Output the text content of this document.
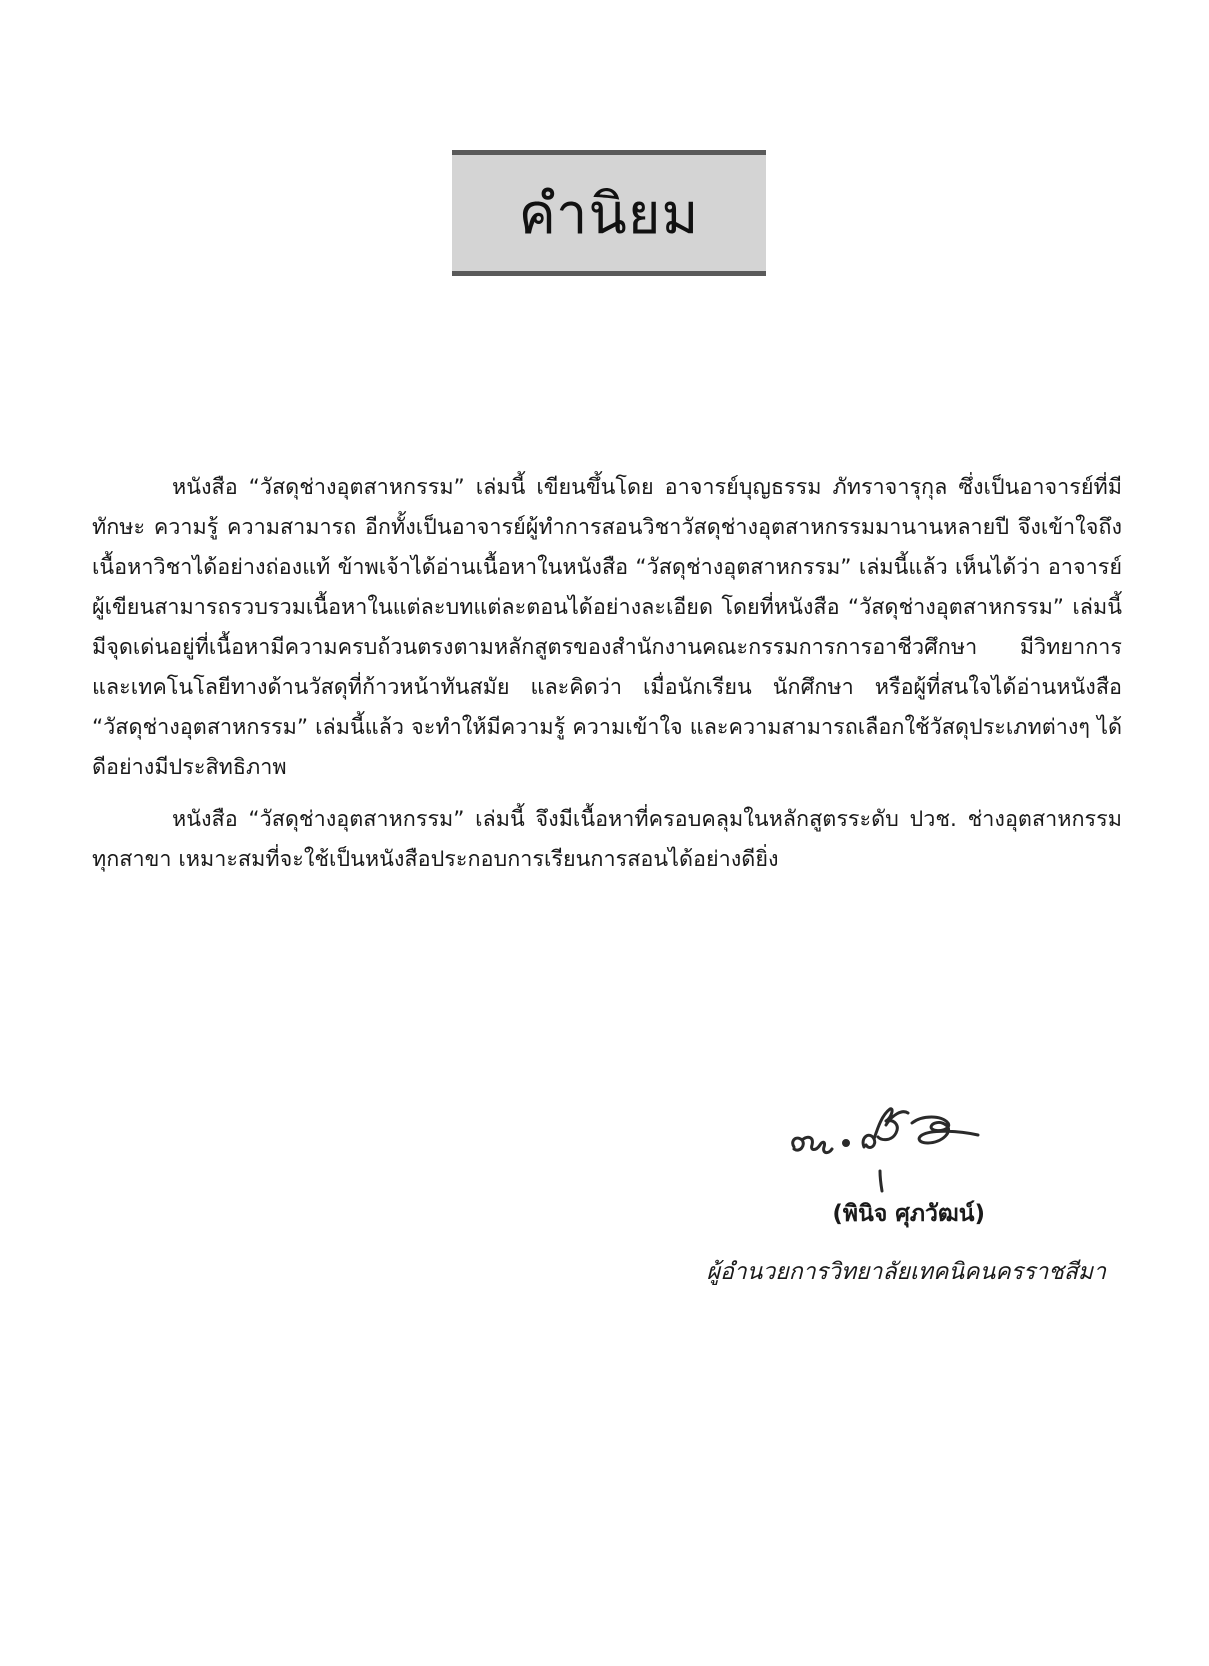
คำนิยม

หนังสือ “วัสดุช่างอุตสาหกรรม” เล่มนี้ เขียนขึ้นโดย อาจารย์บุญธรรม ภัทราจารุกุล ซึ่งเป็นอาจารย์ที่มีทักษะ ความรู้ ความสามารถ อีกทั้งเป็นอาจารย์ผู้ทำการสอนวิชาวัสดุช่างอุตสาหกรรมมานานหลายปี จึงเข้าใจถึงเนื้อหาวิชาได้อย่างถ่องแท้ ข้าพเจ้าได้อ่านเนื้อหาในหนังสือ “วัสดุช่างอุตสาหกรรม” เล่มนี้แล้ว เห็นได้ว่า อาจารย์ผู้เขียนสามารถรวบรวมเนื้อหาในแต่ละบทแต่ละตอนได้อย่างละเอียด โดยที่หนังสือ “วัสดุช่างอุตสาหกรรม” เล่มนี้ มีจุดเด่นอยู่ที่เนื้อหามีความครบถ้วนตรงตามหลักสูตรของสำนักงานคณะกรรมการการอาชีวศึกษา มีวิทยาการและเทคโนโลยีทางด้านวัสดุที่ก้าวหน้าทันสมัย และคิดว่า เมื่อนักเรียน นักศึกษา หรือผู้ที่สนใจได้อ่านหนังสือ “วัสดุช่างอุตสาหกรรม” เล่มนี้แล้ว จะทำให้มีความรู้ ความเข้าใจ และความสามารถเลือกใช้วัสดุประเภทต่างๆ ได้ดีอย่างมีประสิทธิภาพ

หนังสือ “วัสดุช่างอุตสาหกรรม” เล่มนี้ จึงมีเนื้อหาที่ครอบคลุมในหลักสูตรระดับ ปวช. ช่างอุตสาหกรรมทุกสาขา เหมาะสมที่จะใช้เป็นหนังสือประกอบการเรียนการสอนได้อย่างดียิ่ง

(พินิจ ศุภวัฒน์)
ผู้อำนวยการวิทยาลัยเทคนิคนครราชสีมา
